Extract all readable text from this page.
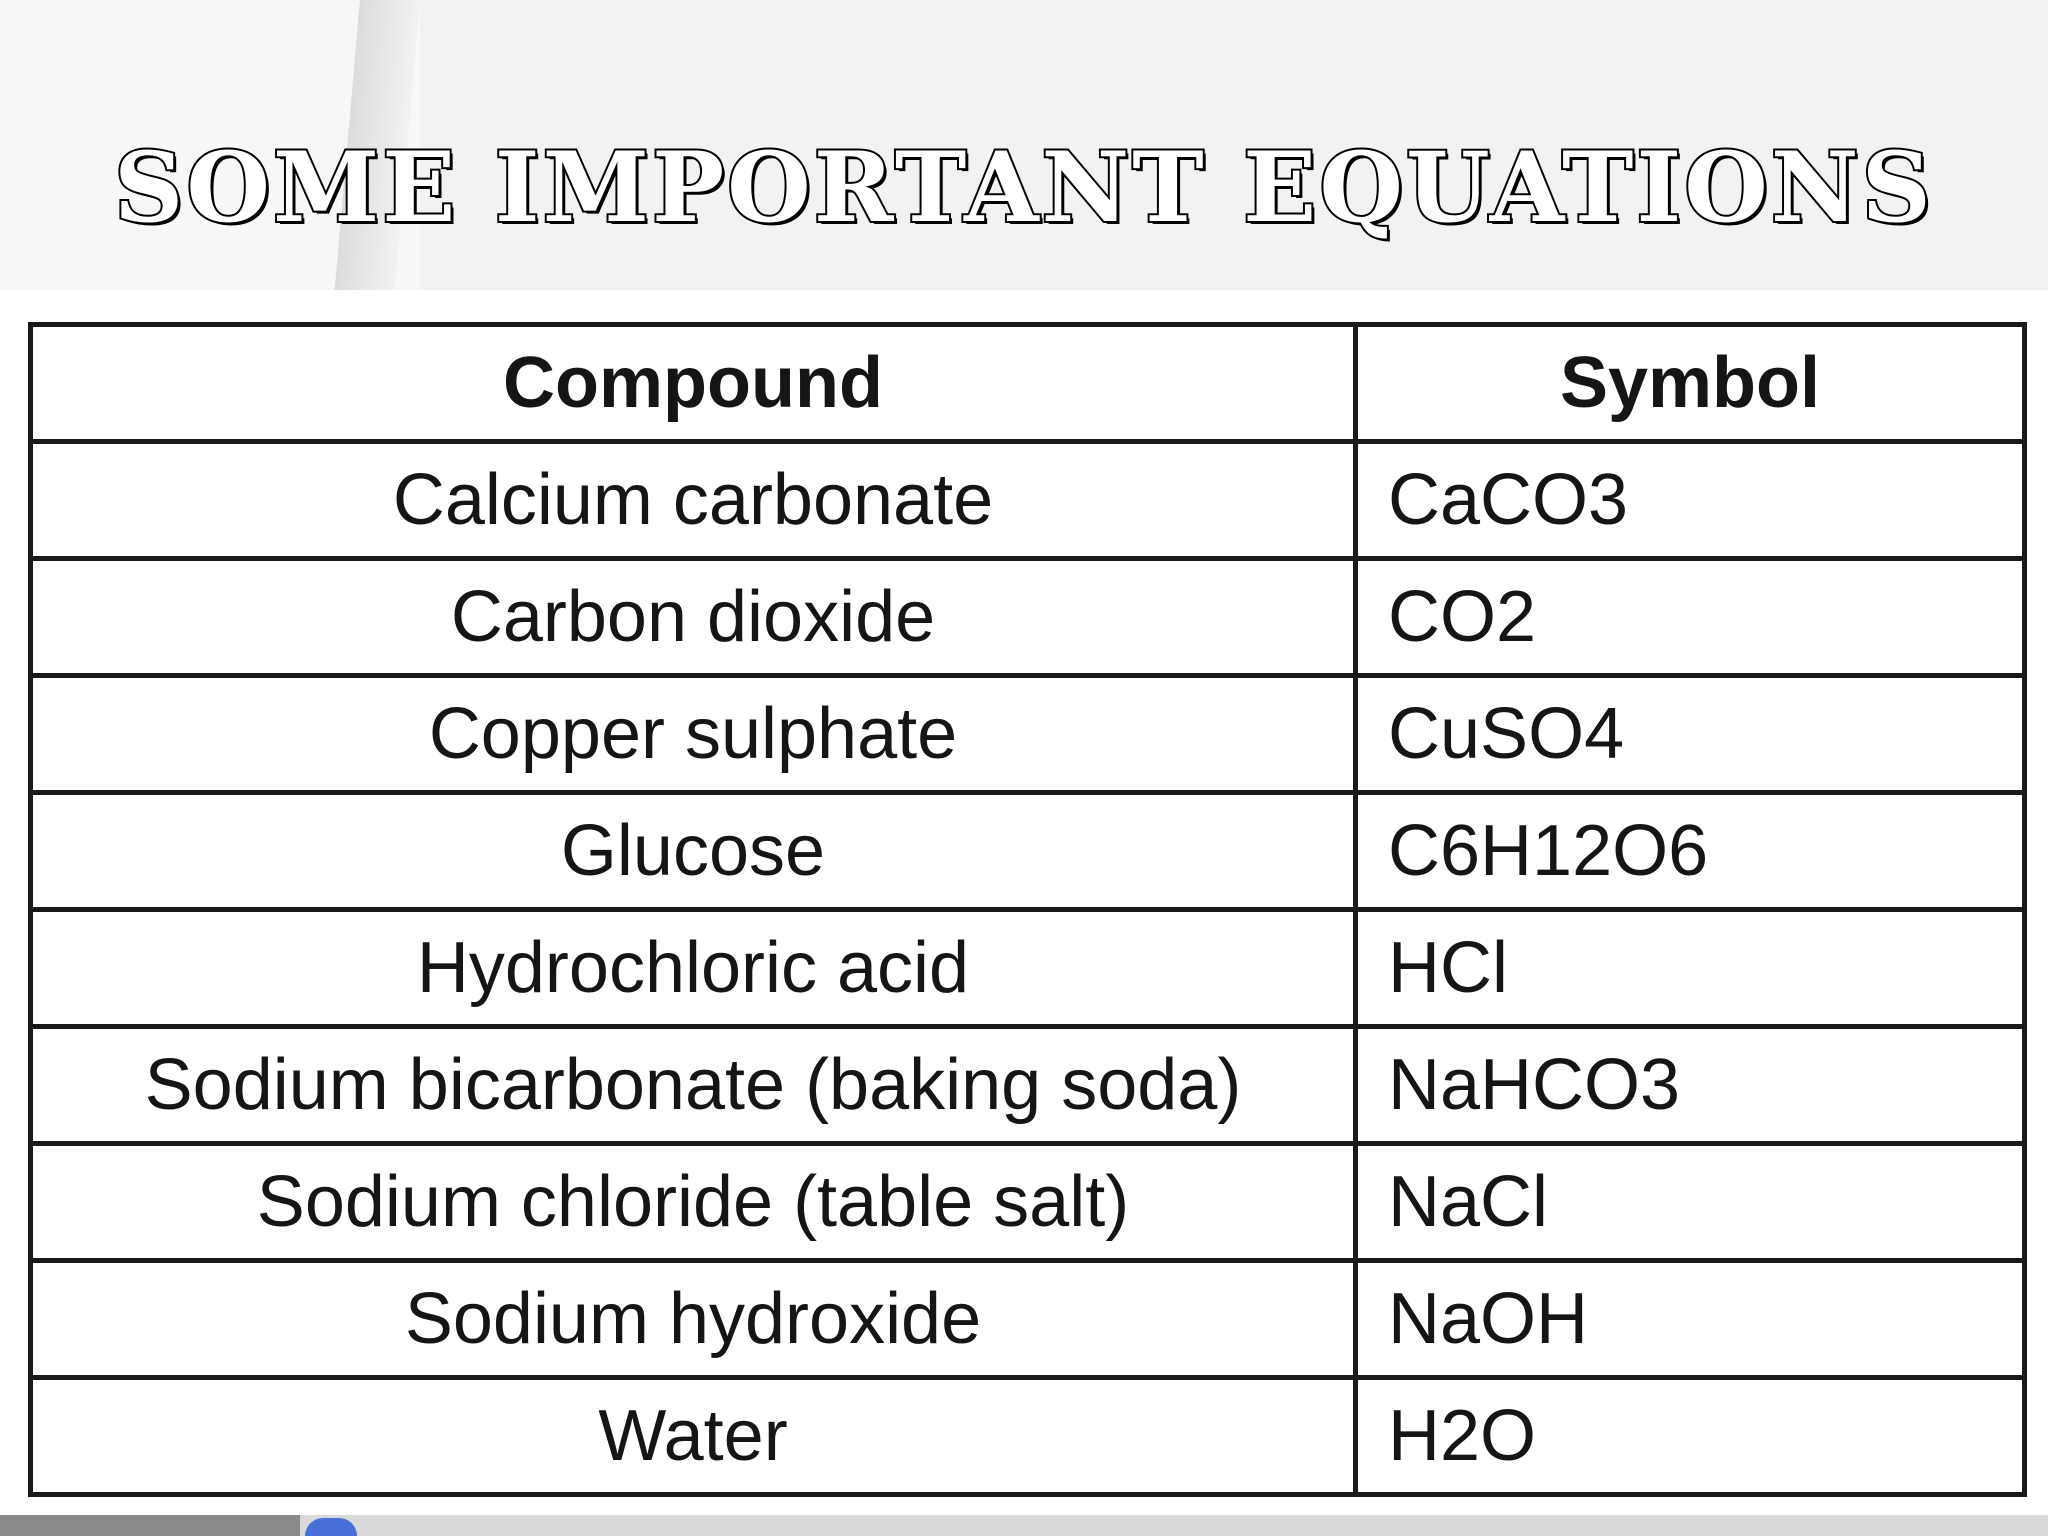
SOME IMPORTANT EQUATIONS
Compound	Symbol
Calcium carbonate	CaCO3
Carbon dioxide	CO2
Copper sulphate	CuSO4
Glucose	C6H12O6
Hydrochloric acid	HCl
Sodium bicarbonate (baking soda)	NaHCO3
Sodium chloride (table salt)	NaCl
Sodium hydroxide	NaOH
Water	H2O
